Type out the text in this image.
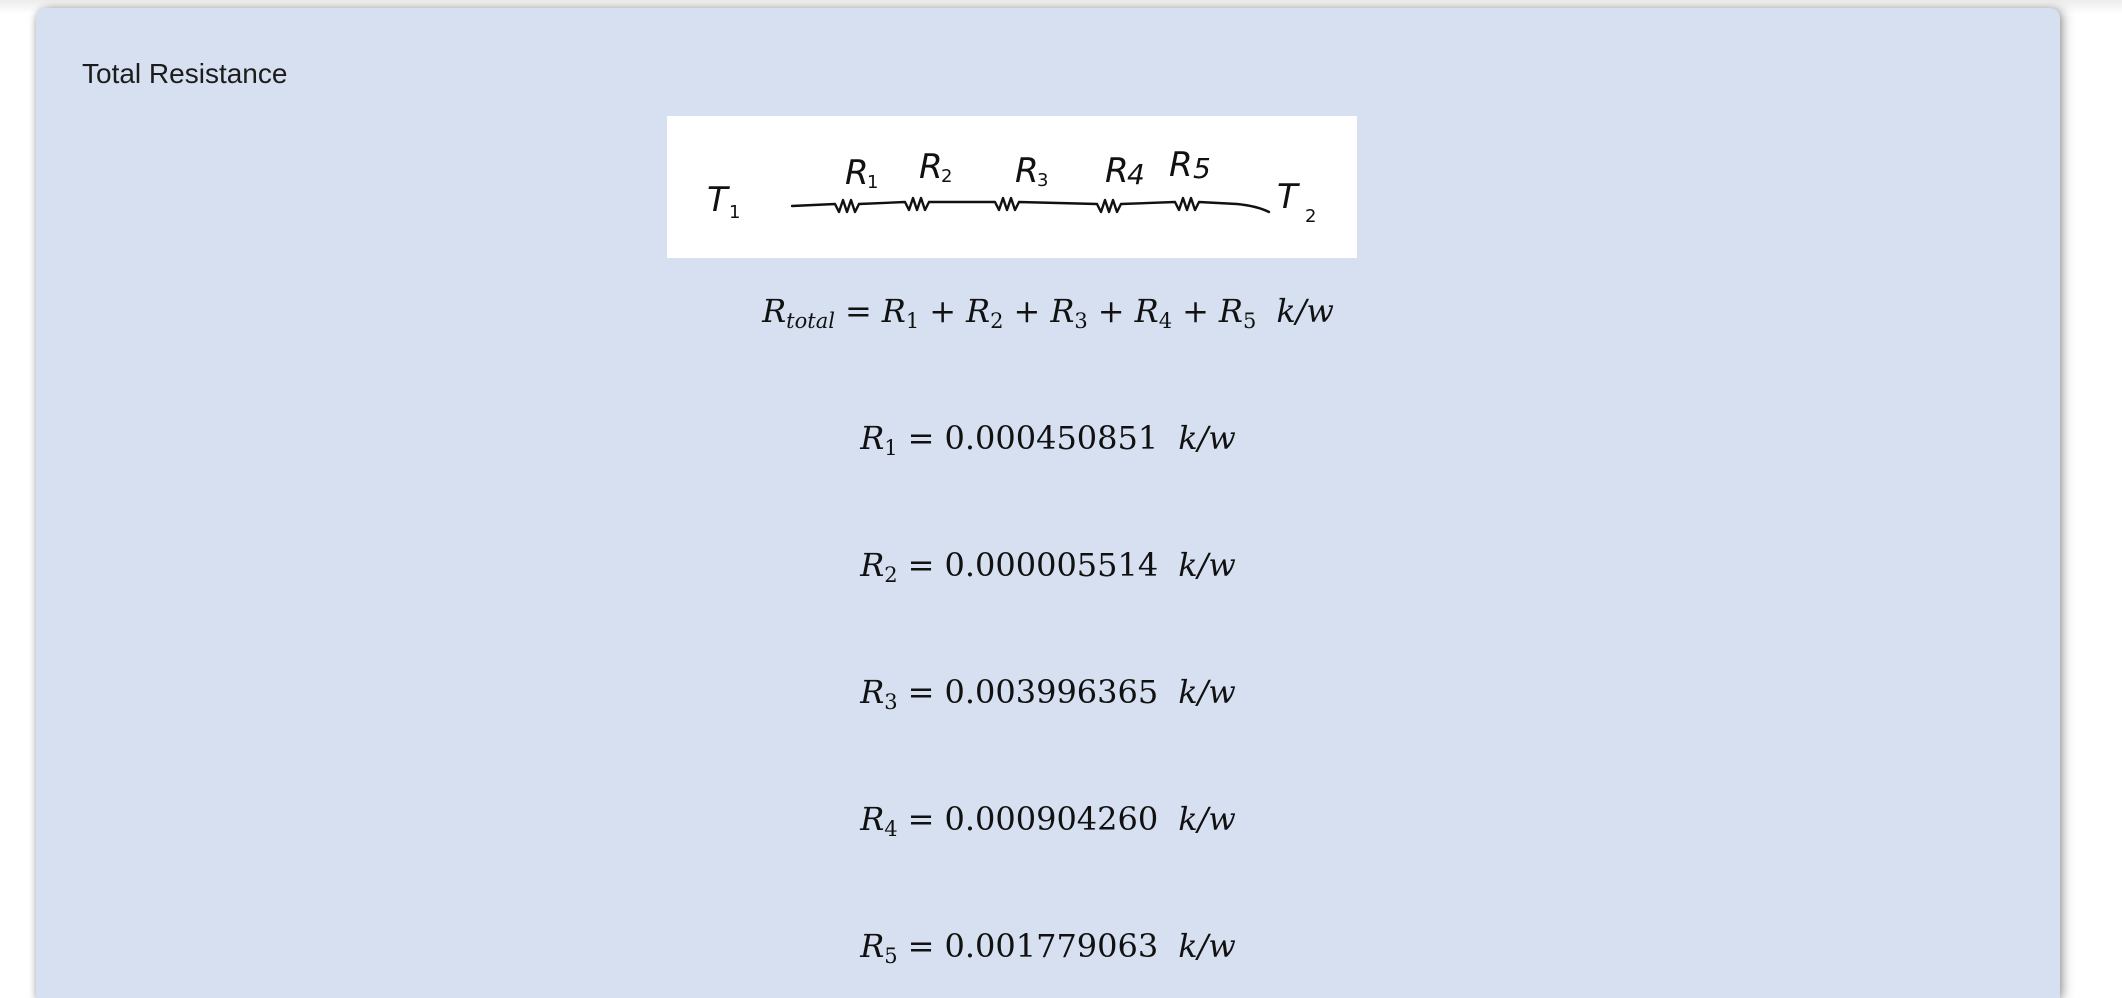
Total Resistance
T 1	T 2
R
1 R
2 R
3 R
4 R 5
$R_{total} = R_1 + R_2 + R_3 + R_4 + R_5$ k/w
$R_1 = 0.000450851$ k/w
$R_2 = 0.000005514$ k/w
$R_3 = 0.003996365$ k/w
$R_4 = 0.000904260$ k/w
$R_5 = 0.001779063$ k/w
